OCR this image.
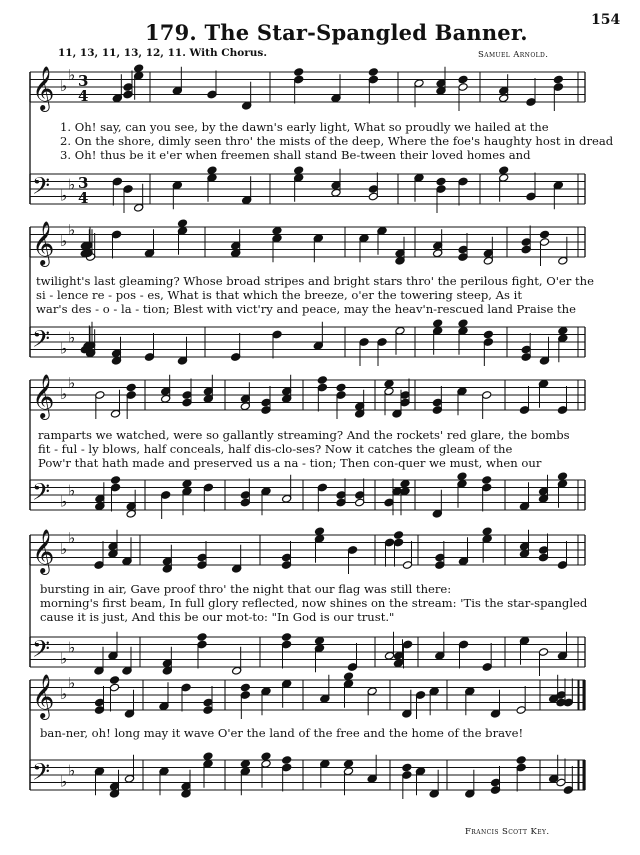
154
179. The Star-Spangled Banner.
11, 13, 11, 13, 12, 11. With Chorus.	Samuel Arnold.
𝄞 ♭
♭ 3
4
𝄢 ♭
♭ 3
4
𝄞 ♭
♭
𝄢 ♭
♭
𝄞 ♭
♭
𝄢 ♭
♭
𝄞 ♭
♭
𝄢 ♭
♭
𝄞 ♭
♭
𝄢 ♭
♭
1. Oh! say, can you see, by the dawn's early light, What so proudly we hailed at the
2. On the shore, dimly seen thro' the mists of the deep, Where the foe's haughty host in dread
3. Oh! thus be it e'er when freemen shall stand Be-tween their loved homes and
twilight's last gleaming? Whose broad stripes and bright stars thro' the perilous fight, O'er the
si - lence re - pos - es, What is that which the breeze, o'er the towering steep, As it
war's des - o - la - tion; Blest with vict'ry and peace, may the heav'n-rescued land Praise the
ramparts we watched, were so gallantly streaming? And the rockets' red glare, the bombs
fit - ful - ly blows, half conceals, half dis-clo-ses? Now it catches the gleam of the
Pow'r that hath made and preserved us a na - tion; Then con-quer we must, when our
bursting in air, Gave proof thro' the night that our flag was still there:
morning's first beam, In full glory reflected, now shines on the stream: 'Tis the star-spangled
cause it is just, And this be our mot-to: "In God is our trust."
ban-ner, oh! long may it wave O'er the land of the free and the home of the brave!
Francis Scott Key.
